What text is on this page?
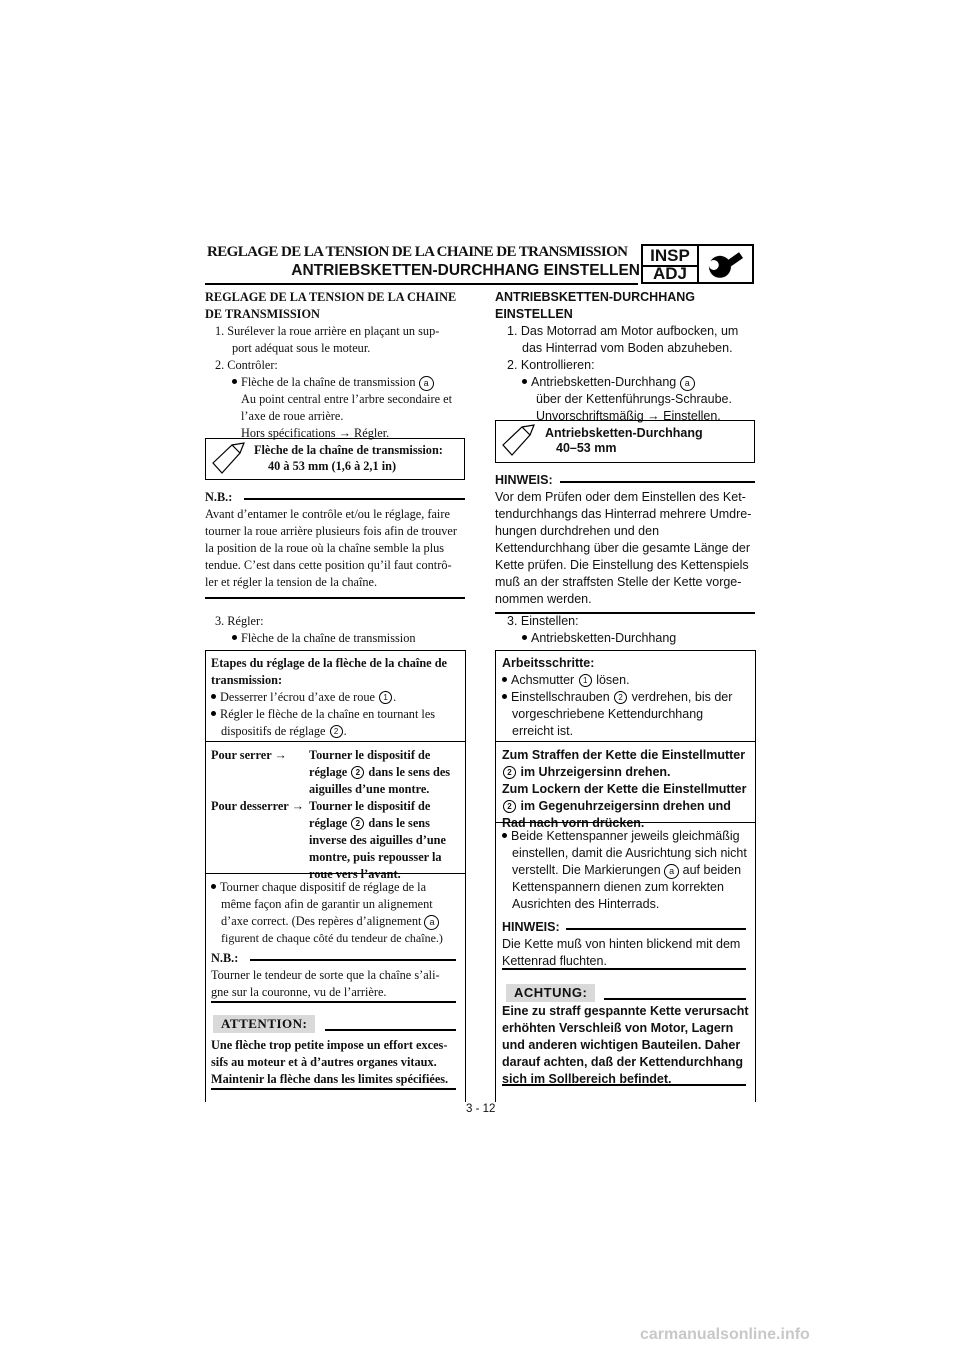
REGLAGE DE LA TENSION DE LA CHAINE DE TRANSMISSION
ANTRIEBSKETTEN-DURCHHANG EINSTELLEN
INSP
ADJ
REGLAGE DE LA TENSION DE LA CHAINE
DE TRANSMISSION
1. Surélever la roue arrière en plaçant un sup-
port adéquat sous le moteur.
2. Contrôler:
Flèche de la chaîne de transmission a
Au point central entre l’arbre secondaire et
l’axe de roue arrière.
Hors spécifications → Régler.
Flèche de la chaîne de transmission:
40 à 53 mm (1,6 à 2,1 in)
N.B.:
Avant d’entamer le contrôle et/ou le réglage, faire
tourner la roue arrière plusieurs fois afin de trouver
la position de la roue où la chaîne semble la plus
tendue. C’est dans cette position qu’il faut contrô-
ler et régler la tension de la chaîne.
3. Régler:
Flèche de la chaîne de transmission
Etapes du réglage de la flèche de la chaîne de
transmission:
Desserrer l’écrou d’axe de roue 1 .
Régler le flèche de la chaîne en tournant les
dispositifs de réglage 2 .
Pour serrer → Tourner le dispositif de
réglage 2 dans le sens des
aiguilles d’une montre.
Pour desserrer → Tourner le dispositif de
réglage 2 dans le sens
inverse des aiguilles d’une
montre, puis repousser la
roue vers l’avant.
Tourner chaque dispositif de réglage de la
même façon afin de garantir un alignement
d’axe correct. (Des repères d’alignement a
figurent de chaque côté du tendeur de chaîne.)
N.B.:
Tourner le tendeur de sorte que la chaîne s’ali-
gne sur la couronne, vu de l’arrière.
ATTENTION:
Une flèche trop petite impose un effort exces-
sifs au moteur et à d’autres organes vitaux.
Maintenir la flèche dans les limites spécifiées.
ANTRIEBSKETTEN-DURCHHANG
EINSTELLEN
1. Das Motorrad am Motor aufbocken, um
das Hinterrad vom Boden abzuheben.
2. Kontrollieren:
Antriebsketten-Durchhang a
über der Kettenführungs-Schraube.
Unvorschriftsmäßig → Einstellen.
Antriebsketten-Durchhang
40–53 mm
HINWEIS:
Vor dem Prüfen oder dem Einstellen des Ket-
tendurchhangs das Hinterrad mehrere Umdre-
hungen durchdrehen und den
Kettendurchhang über die gesamte Länge der
Kette prüfen. Die Einstellung des Kettenspiels
muß an der straffsten Stelle der Kette vorge-
nommen werden.
3. Einstellen:
Antriebsketten-Durchhang
Arbeitsschritte:
Achsmutter 1 lösen.
Einstellschrauben 2 verdrehen, bis der
vorgeschriebene Kettendurchhang
erreicht ist.
Zum Straffen der Kette die Einstellmutter
2 im Uhrzeigersinn drehen.
Zum Lockern der Kette die Einstellmutter
2 im Gegenuhrzeigersinn drehen und
Rad nach vorn drücken.
Beide Kettenspanner jeweils gleichmäßig
einstellen, damit die Ausrichtung sich nicht
verstellt. Die Markierungen a auf beiden
Kettenspannern dienen zum korrekten
Ausrichten des Hinterrads.
HINWEIS:
Die Kette muß von hinten blickend mit dem
Kettenrad fluchten.
ACHTUNG:
Eine zu straff gespannte Kette verursacht
erhöhten Verschleiß von Motor, Lagern
und anderen wichtigen Bauteilen. Daher
darauf achten, daß der Kettendurchhang
sich im Sollbereich befindet.
3 - 12
carmanualsonline.info
